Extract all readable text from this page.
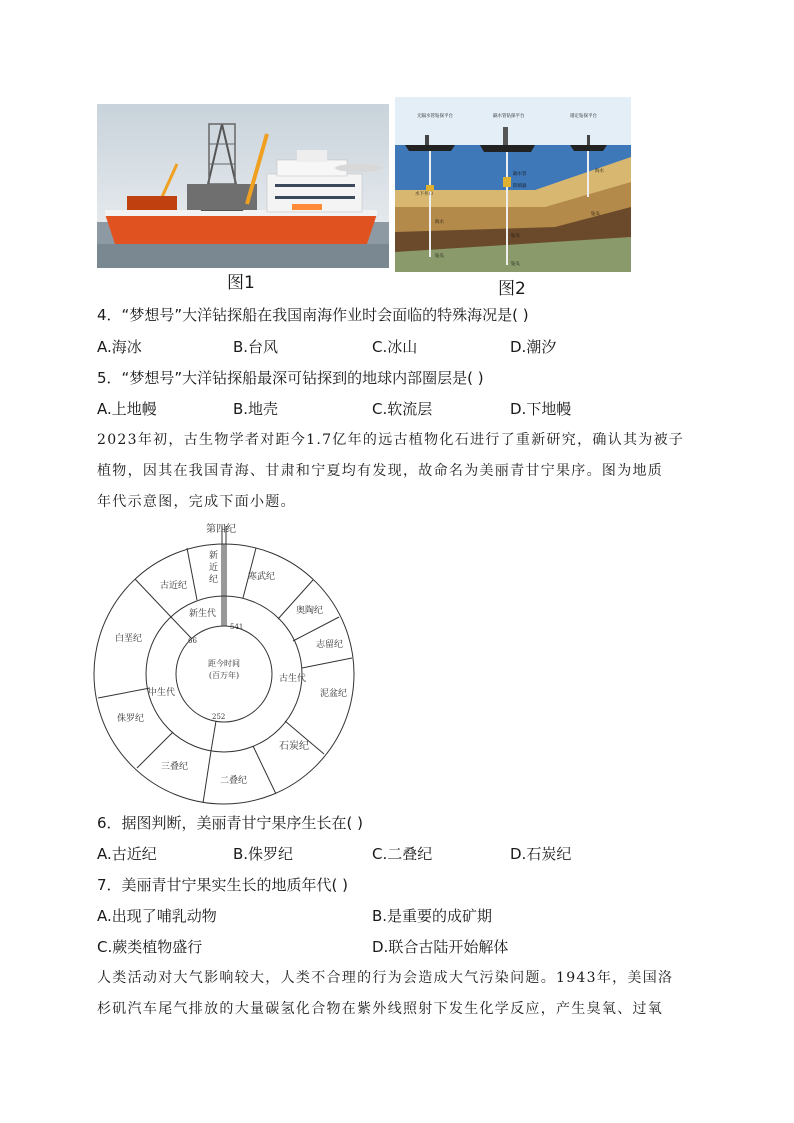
图1
无隔水管钻探平台	隔水管钻探平台	锚定钻探平台
海水
隔水管
水下井口
防喷器
海水
钻头
钻头
钻头
钻头
图2
4．“梦想号”大洋钻探船在我国南海作业时会面临的特殊海况是( )
A.海冰	B.台风	C.冰山	D.潮汐
5．“梦想号”大洋钻探船最深可钻探到的地球内部圈层是( )
A.上地幔	B.地壳	C.软流层	D.下地幔
2023年初，古生物学者对距今1.7亿年的远古植物化石进行了重新研究，确认其为被子
植物，因其在我国青海、甘肃和宁夏均有发现，故命名为美丽青甘宁果序。图为地质
年代示意图，完成下面小题。
第四纪
距今时间
(百万年)
新生代
古生代
中生代
541
252
66
新
近
纪	寒武纪
奥陶纪
志留纪
泥盆纪
石炭纪
二叠纪
三叠纪
侏罗纪
白垩纪
古近纪
6．据图判断，美丽青甘宁果序生长在( )
A.古近纪	B.侏罗纪	C.二叠纪	D.石炭纪
7．美丽青甘宁果实生长的地质年代( )
A.出现了哺乳动物	B.是重要的成矿期
C.蕨类植物盛行	D.联合古陆开始解体
人类活动对大气影响较大，人类不合理的行为会造成大气污染问题。1943年，美国洛
杉矶汽车尾气排放的大量碳氢化合物在紫外线照射下发生化学反应，产生臭氧、过氧
